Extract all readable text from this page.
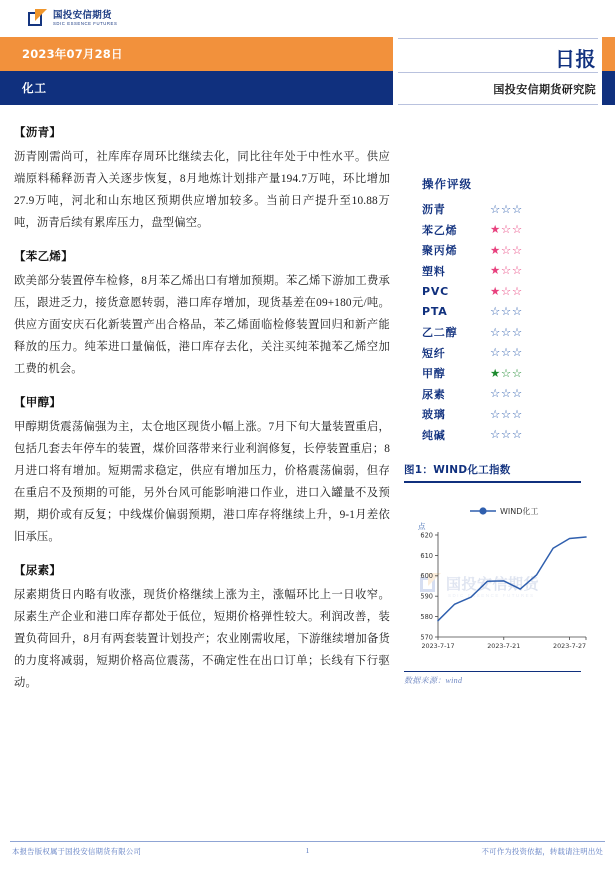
国投安信期货
SDIC ESSENCE FUTURES
2023年07月28日
化工
日报
国投安信期货研究院
【沥青】
沥青刚需尚可，社库库存周环比继续去化，同比往年处于中性水平。供应端原料稀释沥青入关逐步恢复，8月地炼计划排产量194.7万吨，环比增加27.9万吨，河北和山东地区预期供应增加较多。当前日产提升至10.88万吨，沥青后续有累库压力，盘型偏空。
【苯乙烯】
欧美部分装置停车检修，8月苯乙烯出口有增加预期。苯乙烯下游加工费承压，跟进乏力，接货意愿转弱，港口库存增加，现货基差在09+180元/吨。供应方面安庆石化新装置产出合格品，苯乙烯面临检修装置回归和新产能释放的压力。纯苯进口量偏低，港口库存去化，关注买纯苯抛苯乙烯空加工费的机会。
【甲醇】
甲醇期货震荡偏强为主，太仓地区现货小幅上涨。7月下旬大量装置重启，包括几套去年停车的装置，煤价回落带来行业利润修复，长停装置重启；8月进口将有增加。短期需求稳定，供应有增加压力，价格震荡偏弱，但存在重启不及预期的可能，另外台风可能影响港口作业，进口入罐量不及预期，期价或有反复；中线煤价偏弱预期，港口库存将继续上升，9-1月差依旧承压。
【尿素】
尿素期货日内略有收涨，现货价格继续上涨为主，涨幅环比上一日收窄。尿素生产企业和港口库存都处于低位，短期价格弹性较大。利润改善，装置负荷回升，8月有两套装置计划投产；农业刚需收尾，下游继续增加备货的力度将减弱，短期价格高位震荡，不确定性在出口订单；长线有下行驱动。
操作评级
沥青	☆☆☆
苯乙烯	★☆☆
聚丙烯	★☆☆
塑料	★☆☆
PVC	★☆☆
PTA	☆☆☆
乙二醇	☆☆☆
短纤	☆☆☆
甲醇	★☆☆
尿素	☆☆☆
玻璃	☆☆☆
纯碱	☆☆☆
图1：WIND化工指数
国投安信期货
SDIC ESSENCE FUTURES
WIND化工
点
570
580
590
600
610
620
2023-7-17	2023-7-21	2023-7-27
数据来源：wind
本报告版权属于国投安信期货有限公司	1	不可作为投资依据，转载请注明出处
